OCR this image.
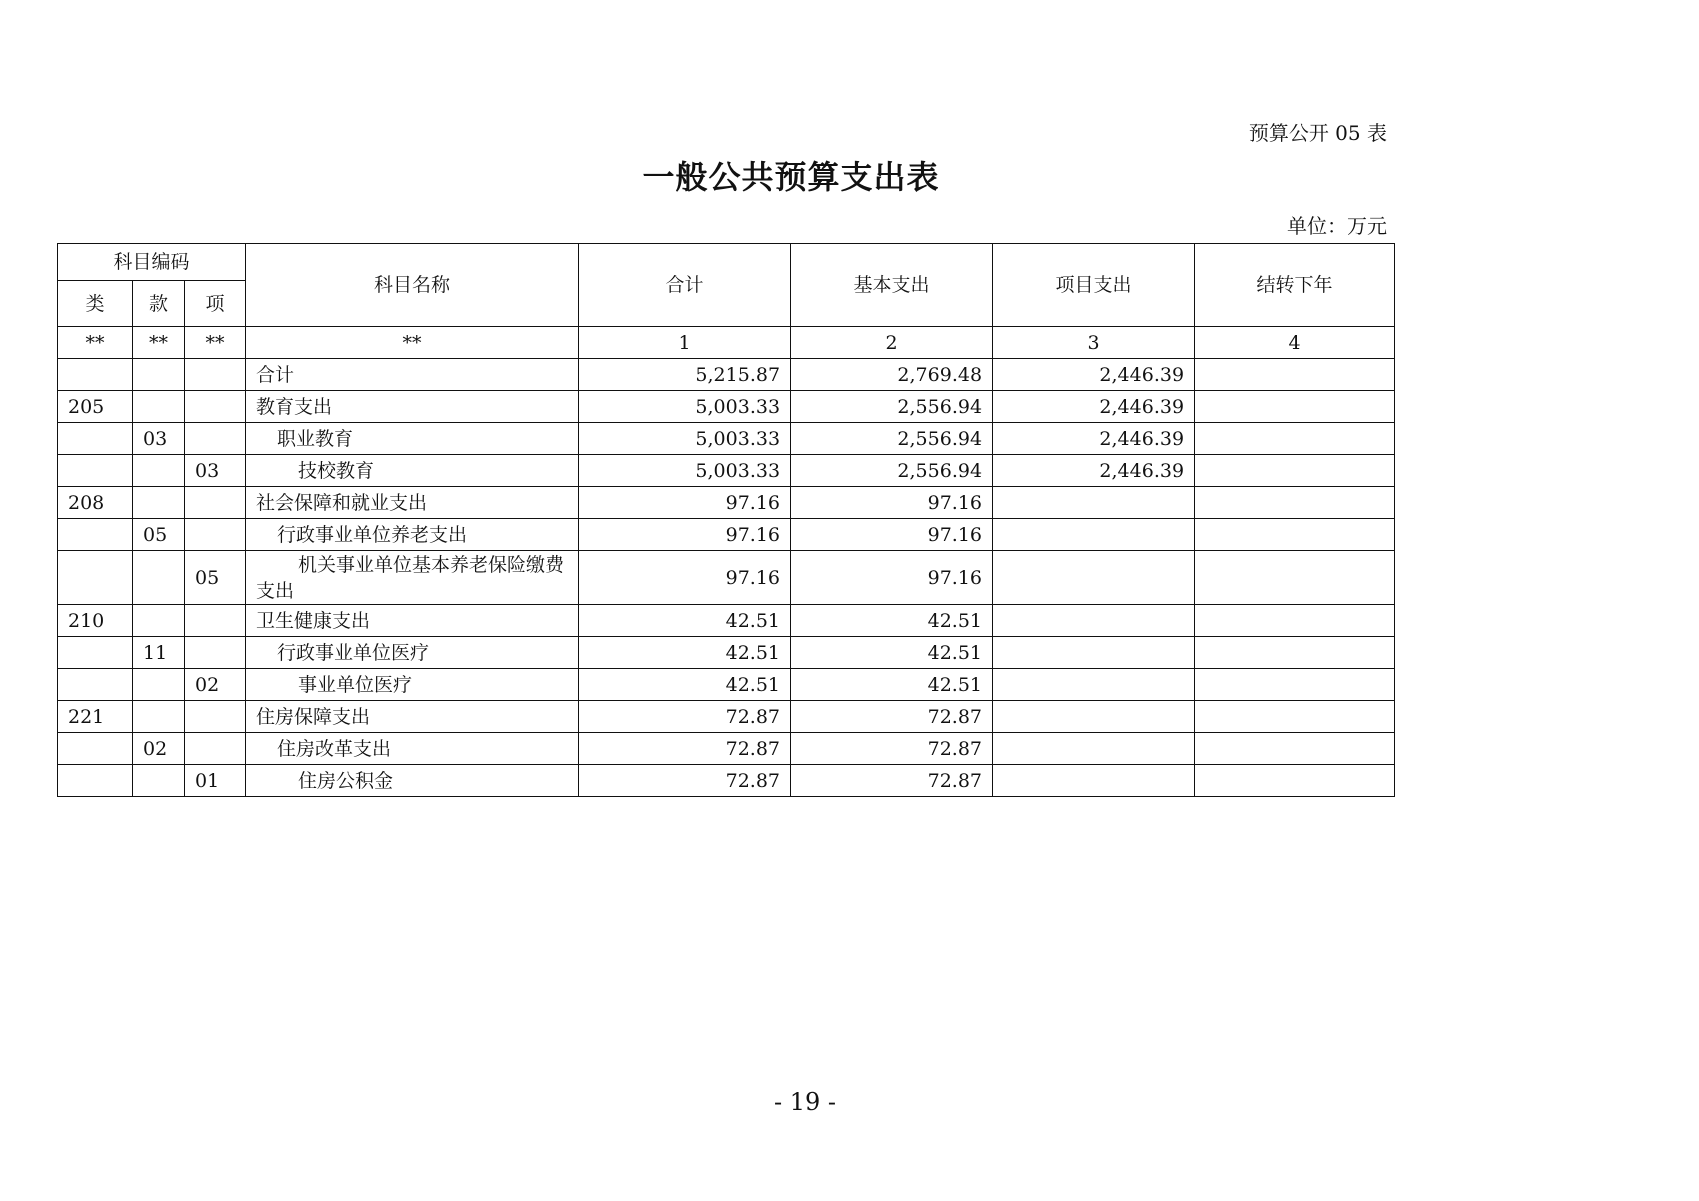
预算公开 05 表
一般公共预算支出表
单位：万元
科目编码			科目名称	合计	基本支出	项目支出	结转下年
类	款	项					
**	**	**	**	1	2	3	4
			合计	5,215.87	2,769.48	2,446.39	
205			教育支出	5,003.33	2,556.94	2,446.39	
	03		职业教育	5,003.33	2,556.94	2,446.39	
		03	技校教育	5,003.33	2,556.94	2,446.39	
208			社会保障和就业支出	97.16	97.16		
	05		行政事业单位养老支出	97.16	97.16		
		05	机关事业单位基本养老保险缴费支出	97.16	97.16		
210			卫生健康支出	42.51	42.51		
	11		行政事业单位医疗	42.51	42.51		
		02	事业单位医疗	42.51	42.51		
221			住房保障支出	72.87	72.87		
	02		住房改革支出	72.87	72.87		
		01	住房公积金	72.87	72.87		
- 19 -
